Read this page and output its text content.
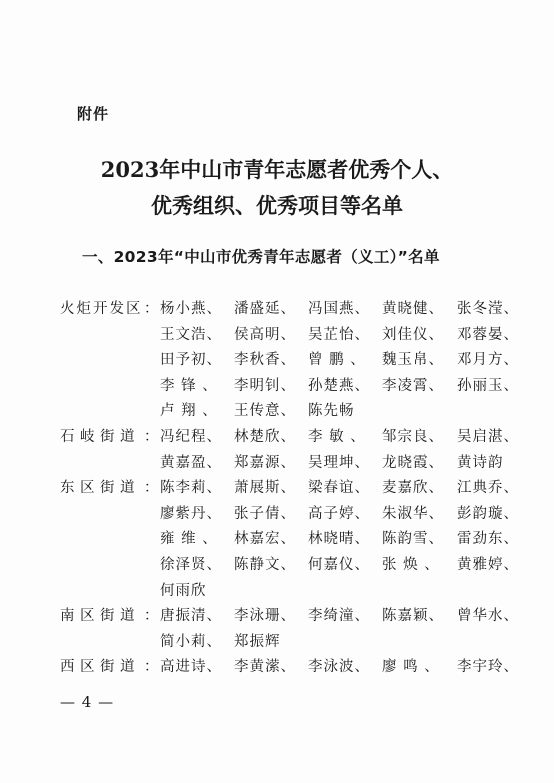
附件
2023年中山市青年志愿者优秀个人、
优秀组织、优秀项目等名单
一、2023年“中山市优秀青年志愿者（义工）”名单
火炬开发区 ： 杨小燕、 潘盛延、 冯国燕、 黄晓健、 张冬滢、
王文浩、 侯高明、 吴芷怡、 刘佳仪、 邓蓉晏、
田予初、 李秋香、 曾 鹏 、 魏玉帛、 邓月方、
李 锋 、 李明钊、 孙楚燕、 李凌霄、 孙丽玉、
卢 翔 、 王传意、 陈先畅
石岐街道 ： 冯纪程、 林楚欣、 李 敏 、 邹宗良、 吴启湛、
黄嘉盈、 郑嘉源、 吴理坤、 龙晓霞、 黄诗韵
东区街道 ： 陈李莉、 萧展斯、 梁春谊、 麦嘉欣、 江典乔、
廖紫丹、 张子倩、 高子婷、 朱淑华、 彭韵璇、
雍 维 、 林嘉宏、 林晓晴、 陈韵雪、 雷劲东、
徐泽贤、 陈静文、 何嘉仪、 张 焕 、 黄雅婷、
何雨欣
南区街道 ： 唐振清、 李泳珊、 李绮潼、 陈嘉颖、 曾华水、
简小莉、 郑振辉
西区街道 ： 高进诗、 李黄潆、 李泳波、 廖 鸣 、 李宇玲、
— 4 —
